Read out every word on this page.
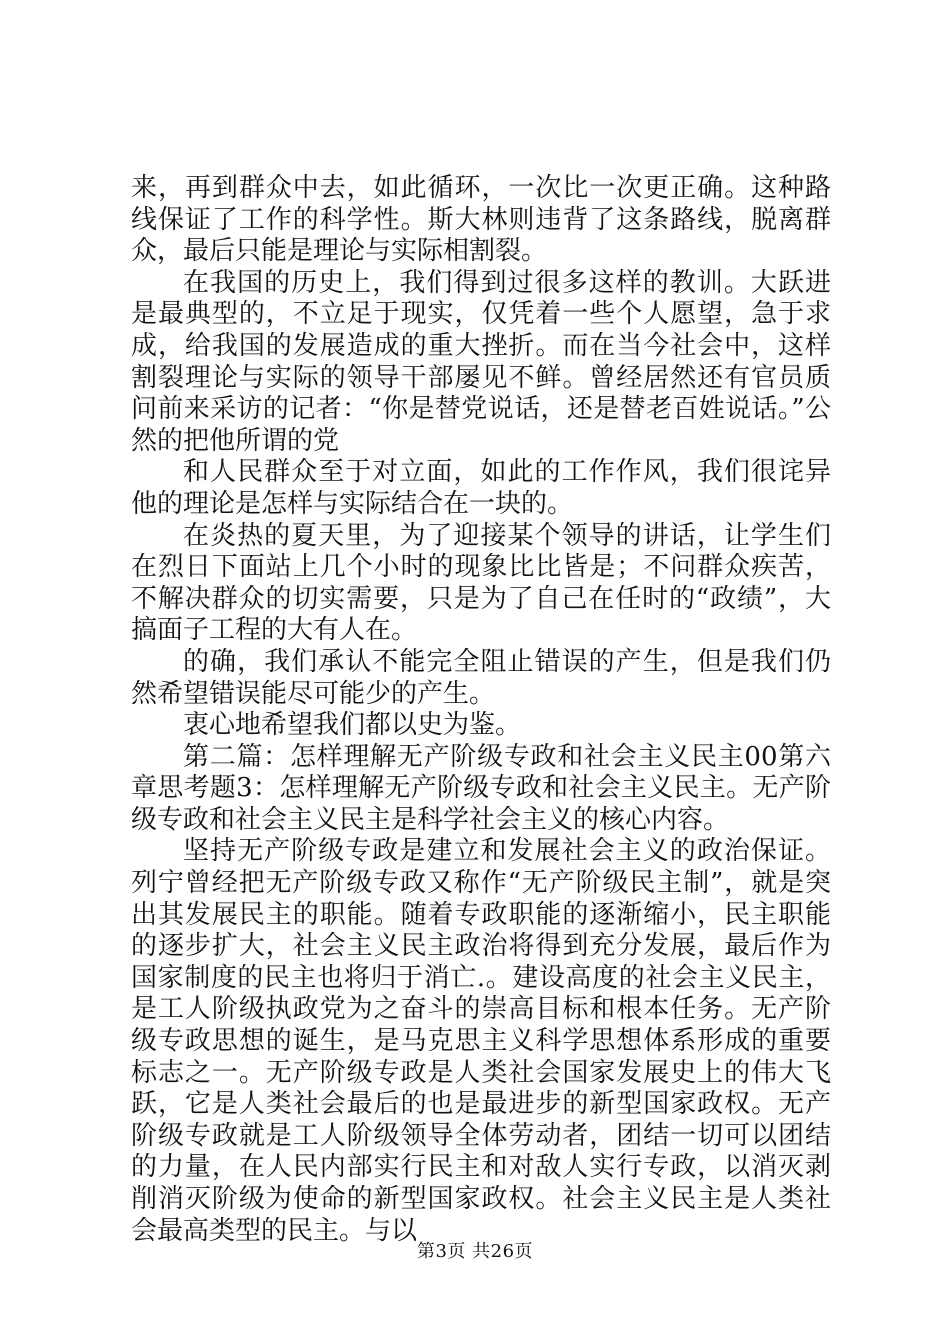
来，再到群众中去，如此循环，一次比一次更正确。这种路线保证了工作的科学性。斯大林则违背了这条路线，脱离群众，最后只能是理论与实际相割裂。

在我国的历史上，我们得到过很多这样的教训。大跃进是最典型的，不立足于现实，仅凭着一些个人愿望，急于求成，给我国的发展造成的重大挫折。而在当今社会中，这样割裂理论与实际的领导干部屡见不鲜。曾经居然还有官员质问前来采访的记者：“你是替党说话，还是替老百姓说话。”公然的把他所谓的党

和人民群众至于对立面，如此的工作作风，我们很诧异他的理论是怎样与实际结合在一块的。

在炎热的夏天里，为了迎接某个领导的讲话，让学生们在烈日下面站上几个小时的现象比比皆是；不问群众疾苦，不解决群众的切实需要，只是为了自己在任时的“政绩”，大搞面子工程的大有人在。

的确，我们承认不能完全阻止错误的产生，但是我们仍然希望错误能尽可能少的产生。

衷心地希望我们都以史为鉴。

第二篇：怎样理解无产阶级专政和社会主义民主00第六章思考题3：怎样理解无产阶级专政和社会主义民主。无产阶级专政和社会主义民主是科学社会主义的核心内容。

坚持无产阶级专政是建立和发展社会主义的政治保证。列宁曾经把无产阶级专政又称作“无产阶级民主制”，就是突出其发展民主的职能。随着专政职能的逐渐缩小，民主职能的逐步扩大，社会主义民主政治将得到充分发展，最后作为国家制度的民主也将归于消亡.。建设高度的社会主义民主，是工人阶级执政党为之奋斗的崇高目标和根本任务。无产阶级专政思想的诞生，是马克思主义科学思想体系形成的重要标志之一。无产阶级专政是人类社会国家发展史上的伟大飞跃，它是人类社会最后的也是最进步的新型国家政权。无产阶级专政就是工人阶级领导全体劳动者，团结一切可以团结的力量，在人民内部实行民主和对敌人实行专政，以消灭剥削消灭阶级为使命的新型国家政权。社会主义民主是人类社会最高类型的民主。与以

第3页 共26页
